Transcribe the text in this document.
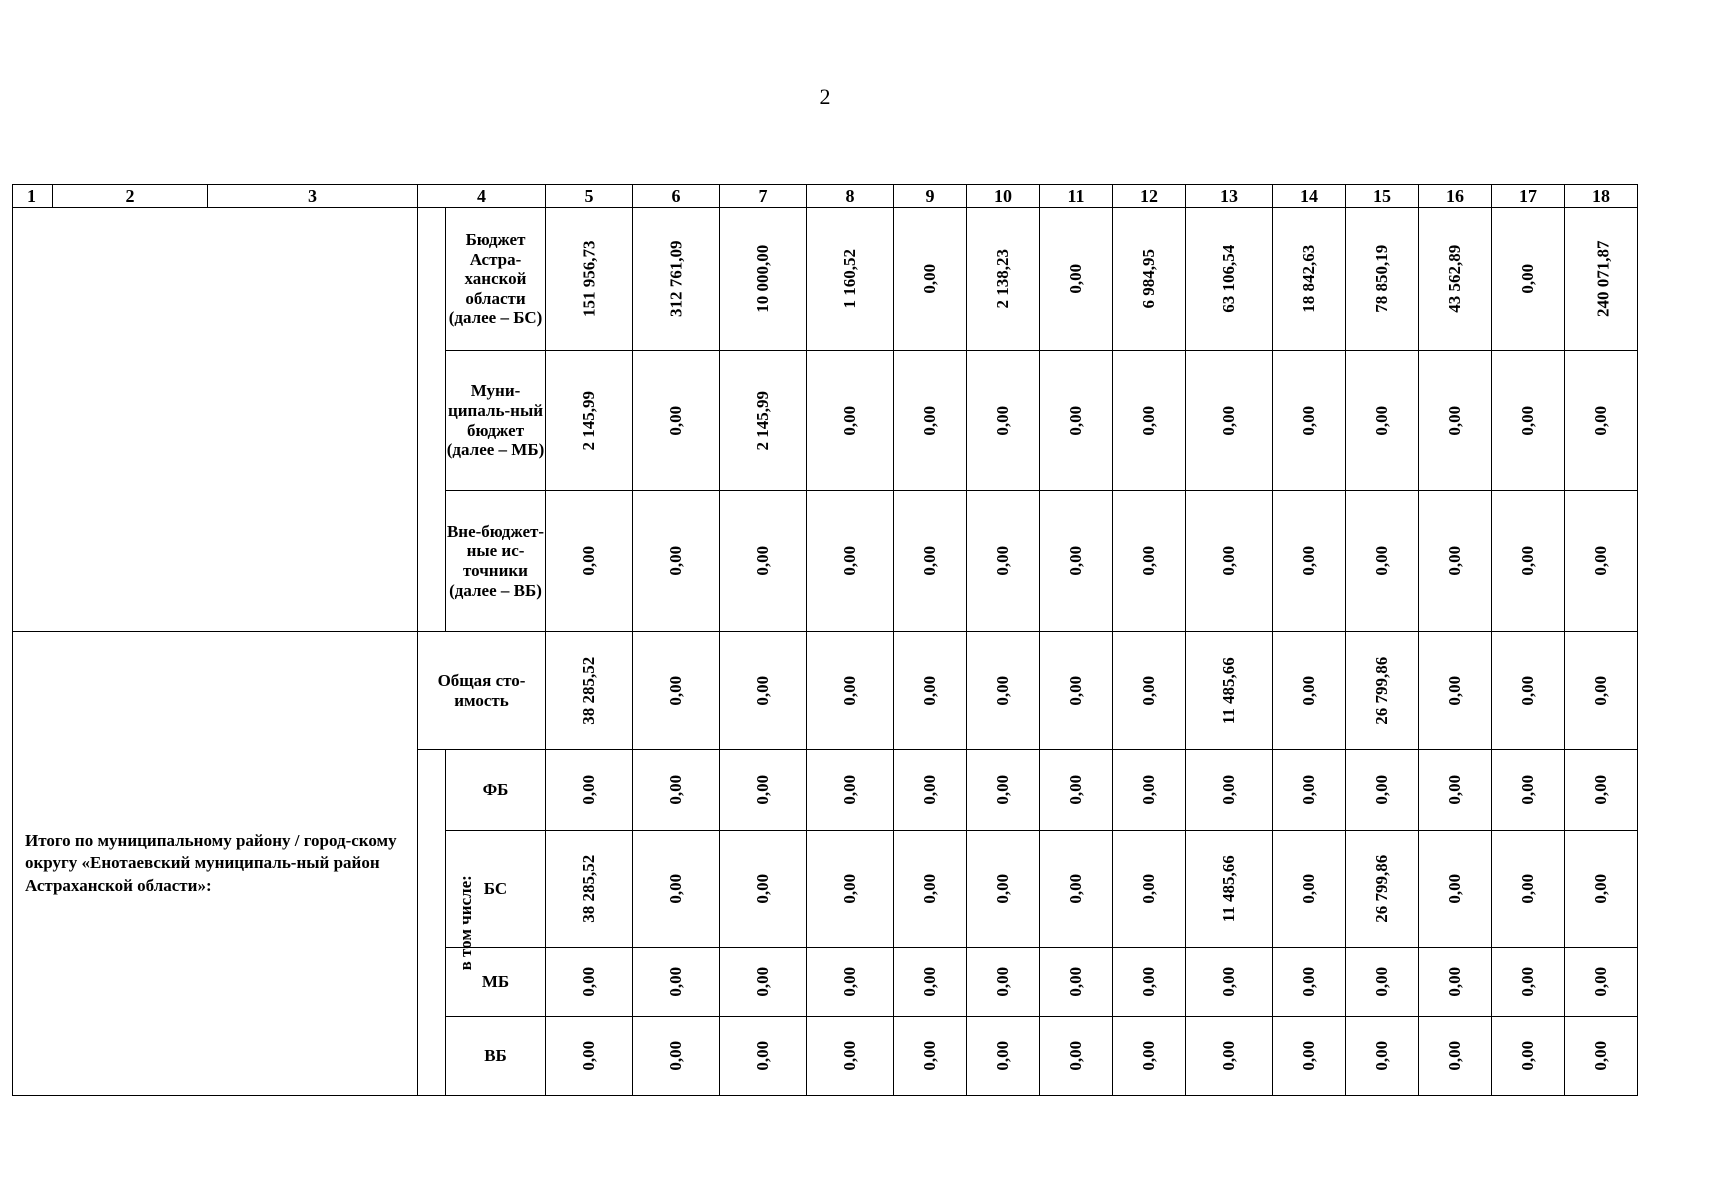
2
1	2	3	4		5	6	7	8	9	10	11	12	13	14	15	16	17	18
				Бюджет Астра-ханской области (далее – БС)	151 956,73	312 761,09	10 000,00	1 160,52	0,00	2 138,23	0,00	6 984,95	63 106,54	18 842,63	78 850,19	43 562,89	0,00	240 071,87
				Муни-ципаль-ный бюджет (далее – МБ)	2 145,99	0,00	2 145,99	0,00	0,00	0,00	0,00	0,00	0,00	0,00	0,00	0,00	0,00	0,00
				Вне-бюджет-ные ис-точники (далее – ВБ)	0,00	0,00	0,00	0,00	0,00	0,00	0,00	0,00	0,00	0,00	0,00	0,00	0,00	0,00
Итого по муниципальному району / город-скому округу «Енотаевский муниципаль-ный район Астраханской области»:			Общая сто-имость		38 285,52	0,00	0,00	0,00	0,00	0,00	0,00	0,00	11 485,66	0,00	26 799,86	0,00	0,00	0,00
			в том числе:	ФБ	0,00	0,00	0,00	0,00	0,00	0,00	0,00	0,00	0,00	0,00	0,00	0,00	0,00	0,00
				БС	38 285,52	0,00	0,00	0,00	0,00	0,00	0,00	0,00	11 485,66	0,00	26 799,86	0,00	0,00	0,00
				МБ	0,00	0,00	0,00	0,00	0,00	0,00	0,00	0,00	0,00	0,00	0,00	0,00	0,00	0,00
				ВБ	0,00	0,00	0,00	0,00	0,00	0,00	0,00	0,00	0,00	0,00	0,00	0,00	0,00	0,00
